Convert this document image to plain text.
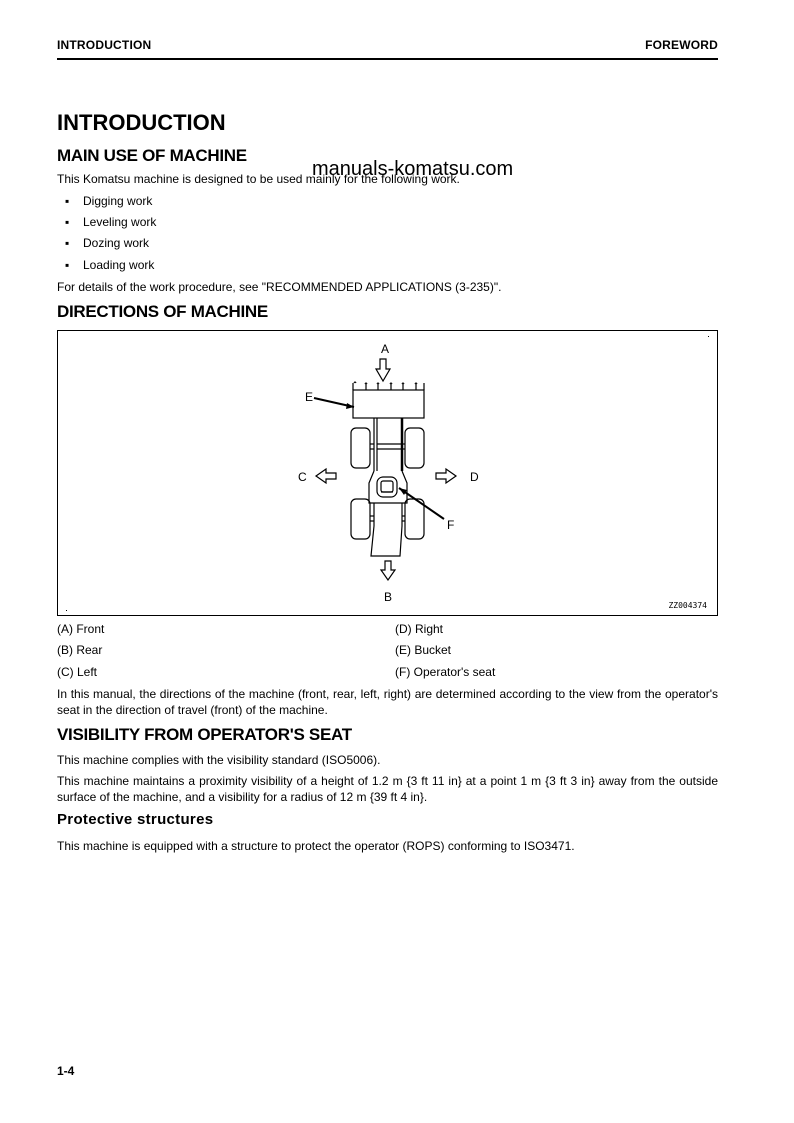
INTRODUCTION	FOREWORD
INTRODUCTION
MAIN USE OF MACHINE
This Komatsu machine is designed to be used mainly for the following work.
▪ Digging work
▪ Leveling work
▪ Dozing work
▪ Loading work
For details of the work procedure, see "RECOMMENDED APPLICATIONS (3-235)".
DIRECTIONS OF MACHINE
A
B
C	D
E
F
ZZ004374
(A) Front
(B) Rear
(C) Left
(D) Right
(E) Bucket
(F) Operator's seat
In this manual, the directions of the machine (front, rear, left, right) are determined according to the view from the operator's seat in the direction of travel (front) of the machine.
VISIBILITY FROM OPERATOR'S SEAT
This machine complies with the visibility standard (ISO5006).
This machine maintains a proximity visibility of a height of 1.2 m {3 ft 11 in} at a point 1 m {3 ft 3 in} away from the outside surface of the machine, and a visibility for a radius of 12 m {39 ft 4 in}.
Protective structures
This machine is equipped with a structure to protect the operator (ROPS) conforming to ISO3471.
1-4
manuals-komatsu.com
